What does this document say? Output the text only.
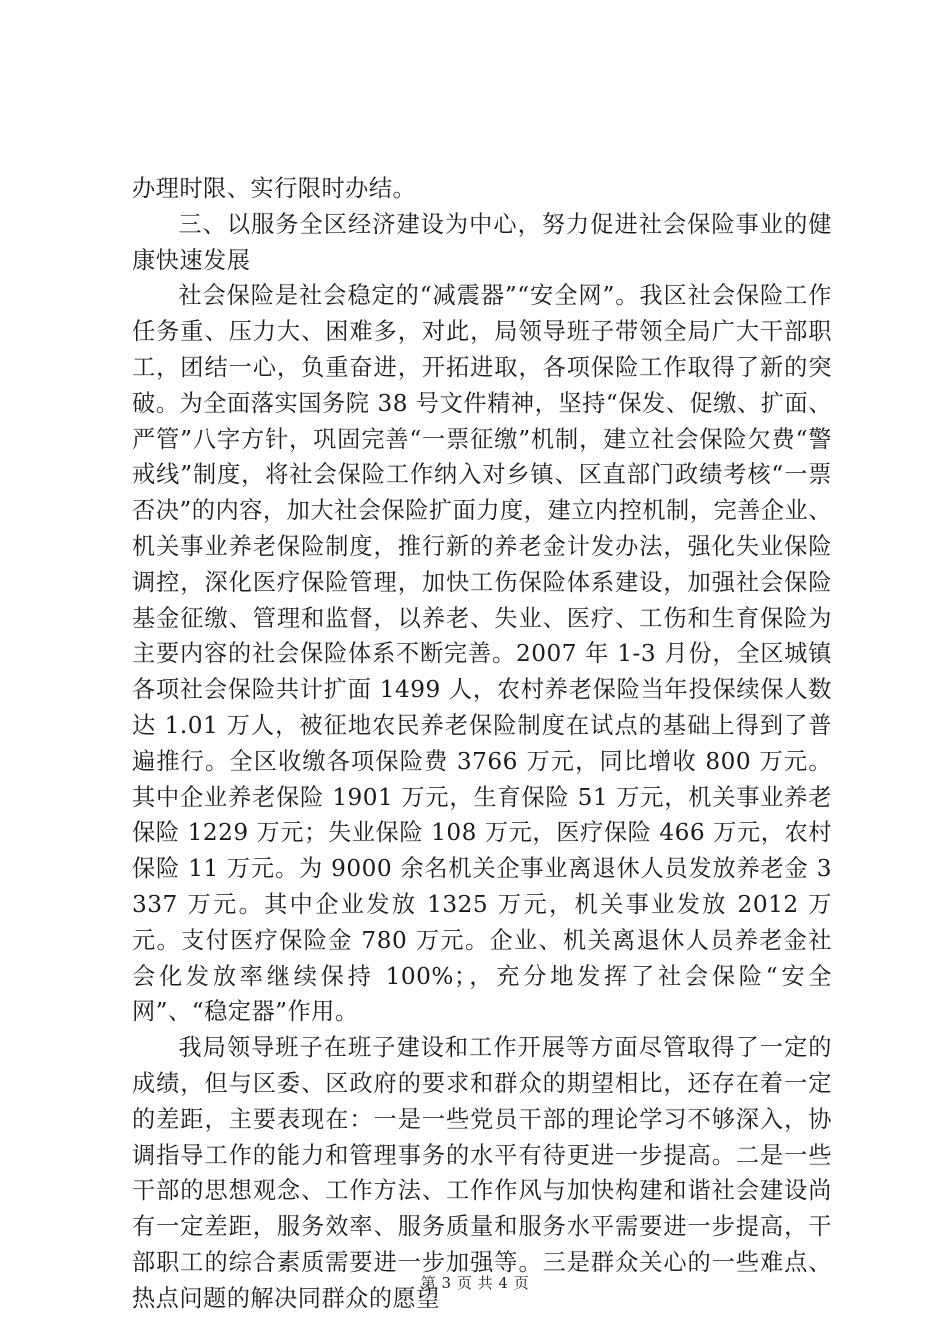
办理时限、实行限时办结。

三、以服务全区经济建设为中心，努力促进社会保险事业的健康快速发展

社会保险是社会稳定的“减震器”“安全网”。我区社会保险工作任务重、压力大、困难多，对此，局领导班子带领全局广大干部职工，团结一心，负重奋进，开拓进取，各项保险工作取得了新的突破。为全面落实国务院 38 号文件精神，坚持“保发、促缴、扩面、严管”八字方针，巩固完善“一票征缴”机制，建立社会保险欠费“警戒线”制度，将社会保险工作纳入对乡镇、区直部门政绩考核“一票否决”的内容，加大社会保险扩面力度，建立内控机制，完善企业、机关事业养老保险制度，推行新的养老金计发办法，强化失业保险调控，深化医疗保险管理，加快工伤保险体系建设，加强社会保险基金征缴、管理和监督，以养老、失业、医疗、工伤和生育保险为主要内容的社会保险体系不断完善。2007 年 1-3 月份，全区城镇各项社会保险共计扩面 1499 人，农村养老保险当年投保续保人数达 1.01 万人，被征地农民养老保险制度在试点的基础上得到了普遍推行。全区收缴各项保险费 3766 万元，同比增收 800 万元。其中企业养老保险 1901 万元，生育保险 51 万元，机关事业养老保险 1229 万元；失业保险 108 万元，医疗保险 466 万元，农村保险 11 万元。为 9000 余名机关企事业离退休人员发放养老金 3337 万元。其中企业发放 1325 万元，机关事业发放 2012 万元。支付医疗保险金 780 万元。企业、机关离退休人员养老金社会化发放率继续保持 100%；，充分地发挥了社会保险“安全网”、“稳定器”作用。

我局领导班子在班子建设和工作开展等方面尽管取得了一定的成绩，但与区委、区政府的要求和群众的期望相比，还存在着一定的差距，主要表现在：一是一些党员干部的理论学习不够深入，协调指导工作的能力和管理事务的水平有待更进一步提高。二是一些干部的思想观念、工作方法、工作作风与加快构建和谐社会建设尚有一定差距，服务效率、服务质量和服务水平需要进一步提高，干部职工的综合素质需要进一步加强等。三是群众关心的一些难点、热点问题的解决同群众的愿望

第 3 页 共 4 页
